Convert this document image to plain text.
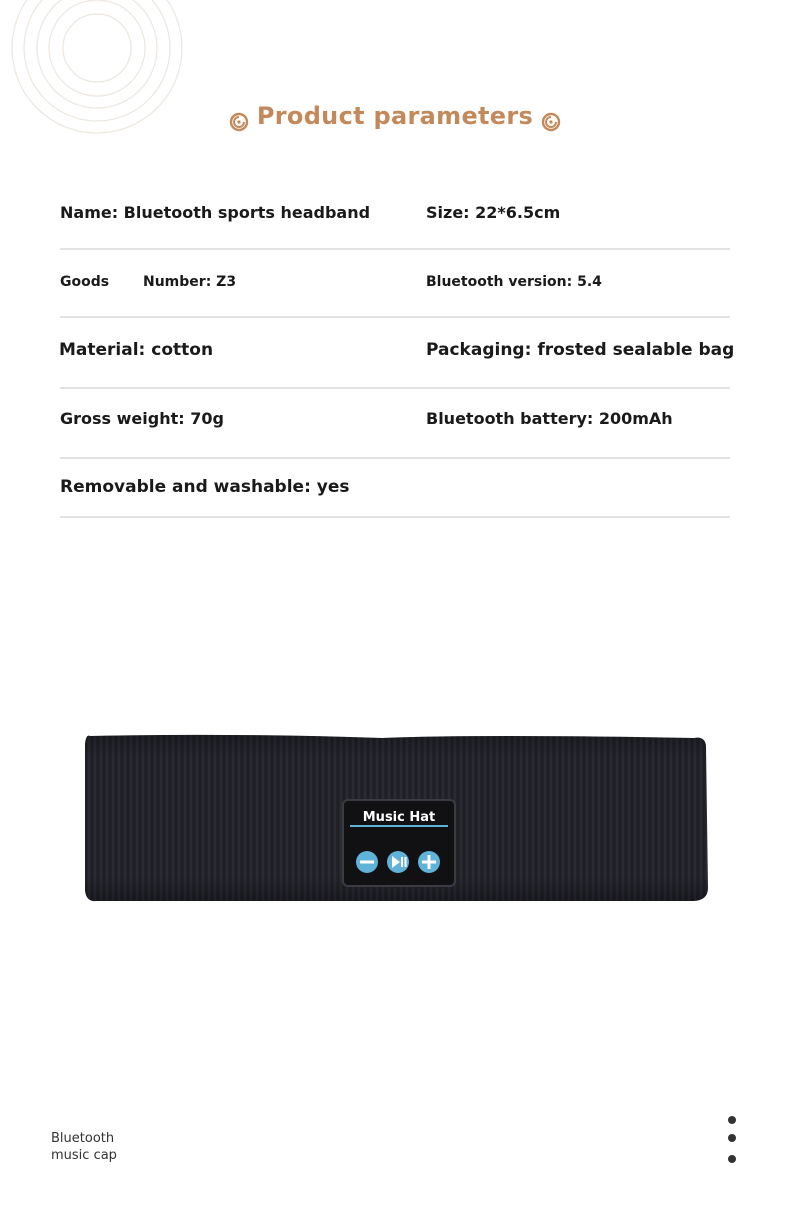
Product parameters
Name: Bluetooth sports headband	Size: 22*6.5cm
Goods Number: Z3	Bluetooth version: 5.4
Material: cotton	Packaging: frosted sealable bag
Gross weight: 70g	Bluetooth battery: 200mAh
Removable and washable: yes
Music Hat
Bluetooth
music cap
